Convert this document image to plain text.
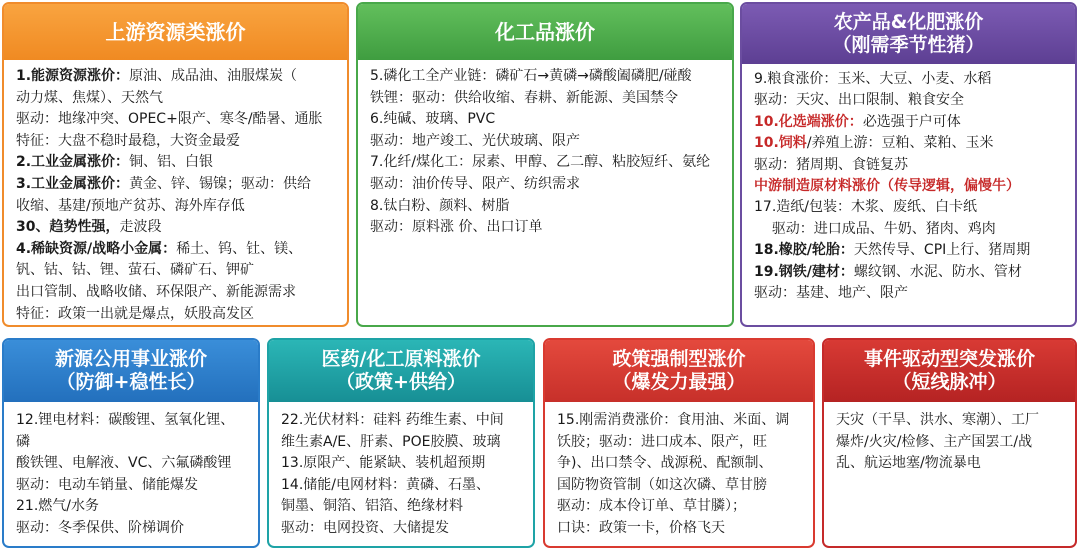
上游资源类涨价
1.能源资源涨价：原油、成品油、油服煤炭（
动力煤、焦煤）、天然气
驱动：地缘冲突、OPEC+限产、寒冬/酷暑、通胀
特征：大盘不稳时最稳，大资金最爱
2.工业金属涨价：铜、铝、白银
3.工业金属涨价：黄金、锌、锡镍；驱动：供给
收缩、基建/预地产贫苏、海外库存低
30、趋势性强，走波段
4.稀缺资源/战略小金属：稀土、钨、钍、镁、
钒、钴、钴、锂、萤石、磷矿石、钾矿
出口管制、战略收储、环保限产、新能源需求
特征：政策一出就是爆点，妖股高发区
化工品涨价
5.磷化工全产业链：磷矿石→黄磷→磷酸阖磷肥/碰酸
铁锂：驱动：供给收缩、春耕、新能源、美国禁令
6.纯碱、玻璃、PVC
驱动：地产竣工、光伏玻璃、限产
7.化纤/煤化工：尿素、甲醇、乙二醇、粘胶短纤、氨纶
驱动：油价传导、限产、纺织需求
8.钛白粉、颜料、树脂
驱动：原料涨 价、出口订单
农产品&化肥涨价
（刚需季节性猪）
9.粮食涨价：玉米、大豆、小麦、水稻
驱动：天灾、出口限制、粮食安全
10.化选端涨价：必选强于户可体
10.饲料/养殖上游：豆粕、菜粕、玉米
驱动：猪周期、食链复苏
中游制造原材料涨价（传导逻辑，偏慢牛）
17.造纸/包装：木浆、废纸、白卡纸
驱动：进口成品、牛奶、猪肉、鸡肉
18.橡胶/轮胎：天然传导、CPI上行、猪周期
19.钢铁/建材：螺纹钢、水泥、防水、管材
驱动：基建、地产、限产
新源公用事业涨价
（防御+稳性长）
12.锂电材料：碳酸锂、氢氧化锂、磷
酸铁锂、电解液、VC、六氟磷酸锂
驱动：电动车销量、储能爆发
21.燃气/水务
驱动：冬季保供、阶梯调价
医药/化工原料涨价
（政策+供给）
22.光伏材料：硅料 药维生素、中间
维生素A/E、肝素、POE胶膜、玻璃
13.原限产、能紧缺、装机超预期
14.储能/电网材料：黄磷、石墨、
铜墨、铜箔、铝箔、绝缘材料
驱动：电网投资、大储提发
政策强制型涨价
（爆发力最强）
15.刚需消费涨价：食用油、米面、调
饫胶；驱动：进口成本、限产，旺
争)、出口禁令、战源税、配额制、
国防物资管制（如这次磷、草甘膀
驱动：成本伶订单、草甘膦）；
口诀：政策一卡，价格飞天
事件驱动型突发涨价
（短线脉冲）
天灾（干旱、洪水、寒潮）、工厂
爆炸/火灾/检修、主产国罢工/战
乱、航运地塞/物流暴电
